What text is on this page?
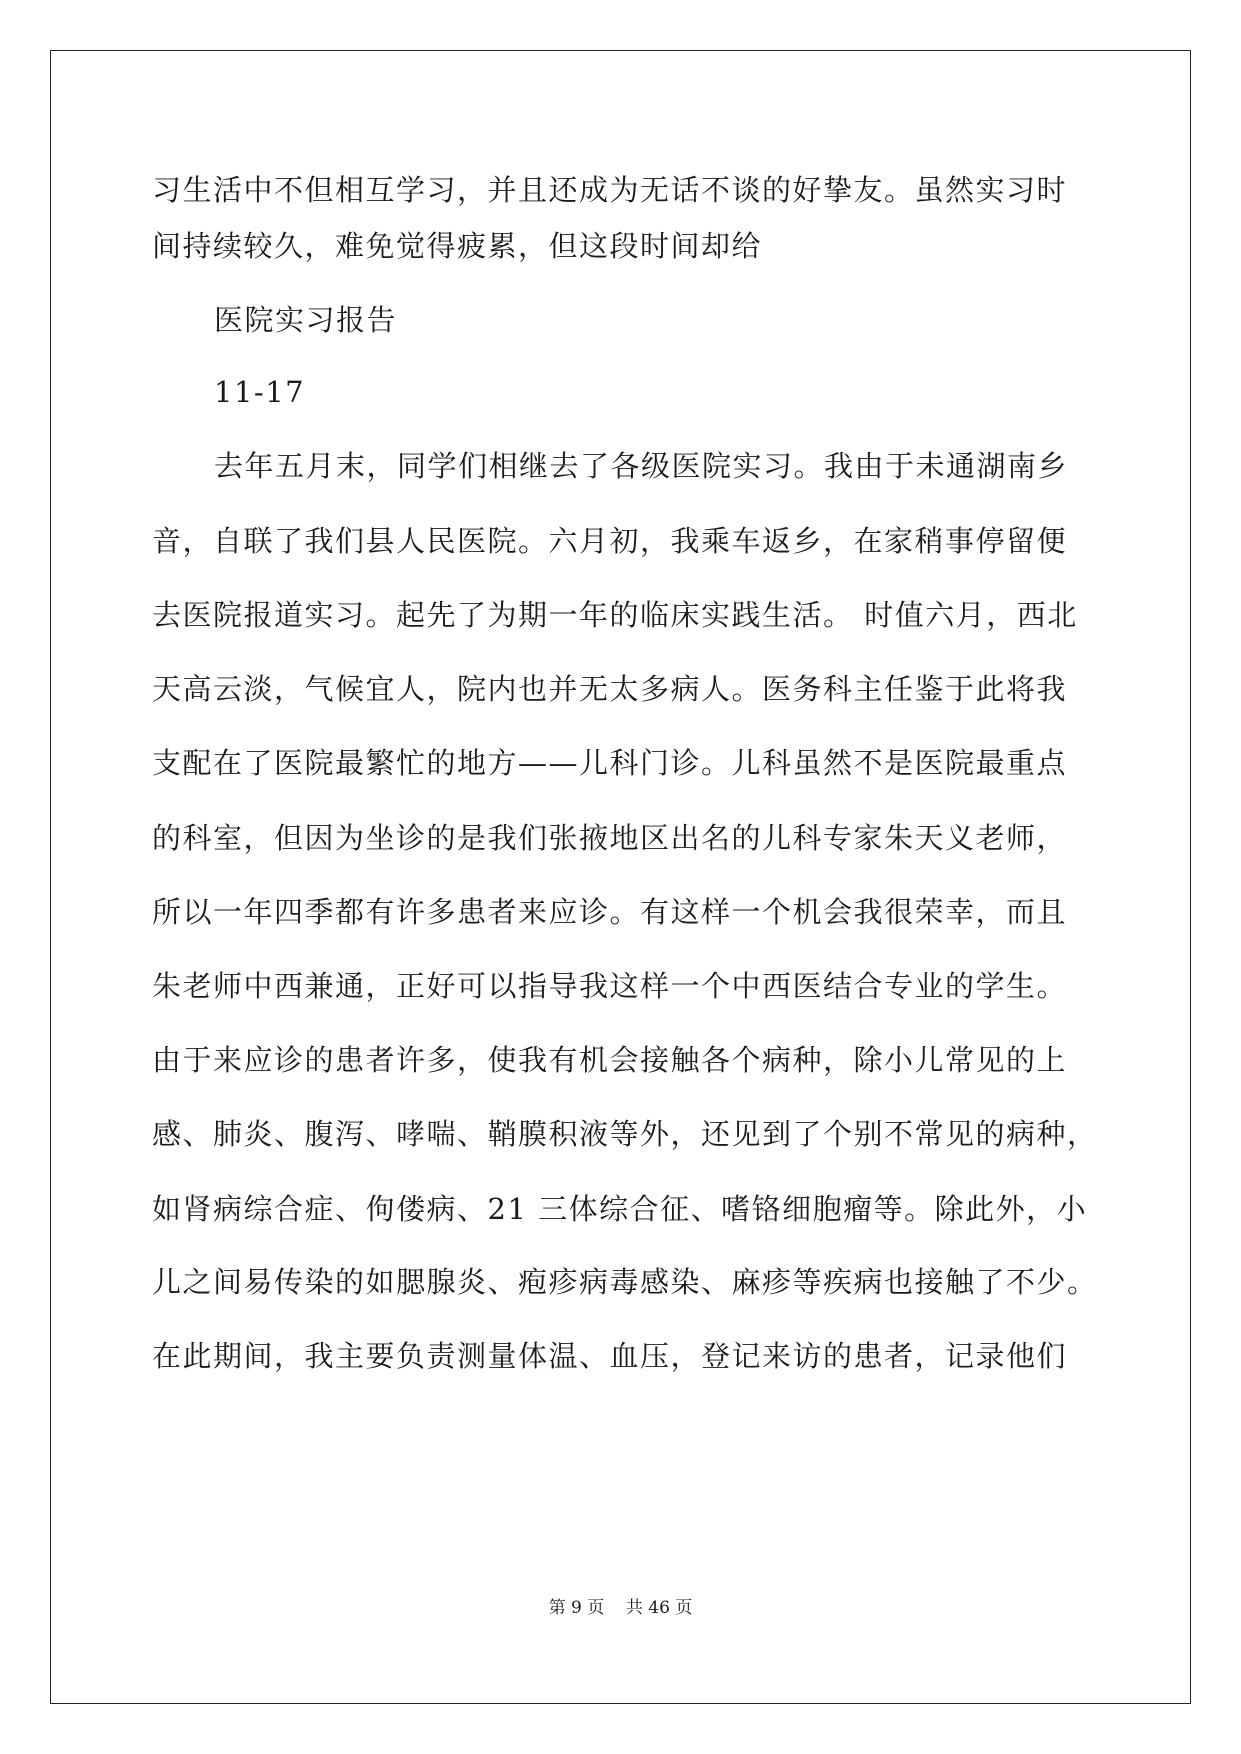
习生活中不但相互学习，并且还成为无话不谈的好挚友。虽然实习时
间持续较久，难免觉得疲累，但这段时间却给
医院实习报告
11-17
去年五月末，同学们相继去了各级医院实习。我由于未通湖南乡
音，自联了我们县人民医院。六月初，我乘车返乡，在家稍事停留便
去医院报道实习。起先了为期一年的临床实践生活。 时值六月，西北
天高云淡，气候宜人，院内也并无太多病人。医务科主任鉴于此将我
支配在了医院最繁忙的地方——儿科门诊。儿科虽然不是医院最重点
的科室，但因为坐诊的是我们张掖地区出名的儿科专家朱天义老师，
所以一年四季都有许多患者来应诊。有这样一个机会我很荣幸，而且
朱老师中西兼通，正好可以指导我这样一个中西医结合专业的学生。
由于来应诊的患者许多，使我有机会接触各个病种，除小儿常见的上
感、肺炎、腹泻、哮喘、鞘膜积液等外，还见到了个别不常见的病种，
如肾病综合症、佝偻病、21 三体综合征、嗜铬细胞瘤等。除此外，小
儿之间易传染的如腮腺炎、疱疹病毒感染、麻疹等疾病也接触了不少。
在此期间，我主要负责测量体温、血压，登记来访的患者，记录他们
第 9 页    共 46 页
